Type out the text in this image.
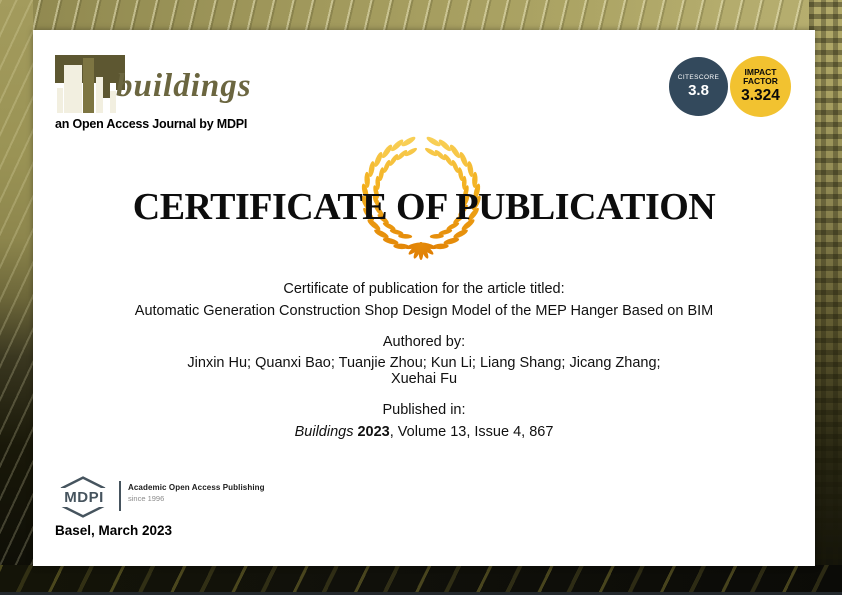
buildings
an Open Access Journal by MDPI
CITESCORE
3.8
IMPACT
FACTOR
3.324
CERTIFICATE OF PUBLICATION

Certificate of publication for the article titled:

Automatic Generation Construction Shop Design Model of the MEP Hanger Based on BIM

Authored by:

Jinxin Hu; Quanxi Bao; Tuanjie Zhou; Kun Li; Liang Shang; Jicang Zhang;
Xuehai Fu

Published in:

Buildings 2023, Volume 13, Issue 4, 867

MDPI
Academic Open Access Publishing
since 1996
Basel, March 2023
